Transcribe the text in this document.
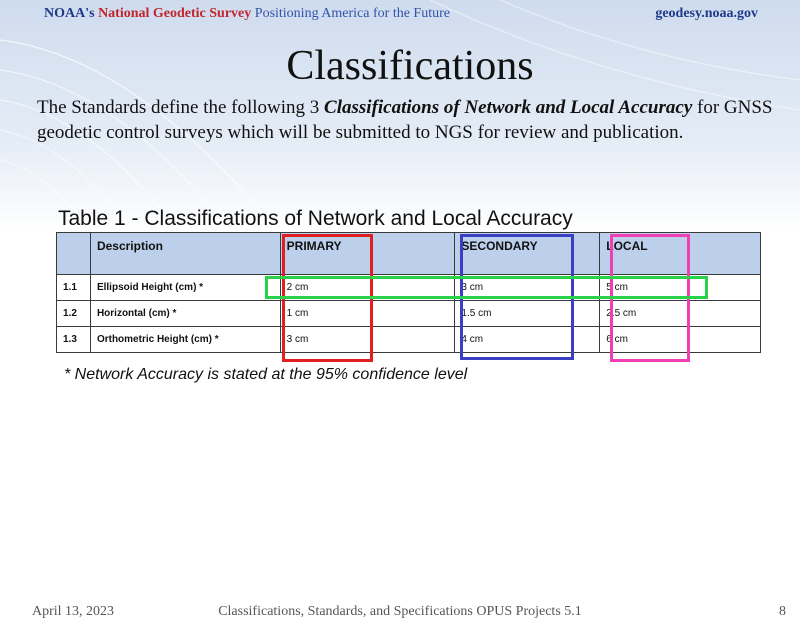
NOAA's National Geodetic Survey Positioning America for the Future	geodesy.noaa.gov
Classifications
The Standards define the following 3 Classifications of Network and Local Accuracy for GNSS geodetic control surveys which will be submitted to NGS for review and publication.
Table 1 - Classifications of Network and Local Accuracy
	Description	PRIMARY	SECONDARY	LOCAL
1.1	Ellipsoid Height (cm) *	2 cm	3 cm	5 cm
1.2	Horizontal (cm) *	1 cm	1.5 cm	2.5 cm
1.3	Orthometric Height (cm) *	3 cm	4 cm	6 cm
* Network Accuracy is stated at the 95% confidence level
April 13, 2023	Classifications, Standards, and Specifications OPUS Projects 5.1	8
